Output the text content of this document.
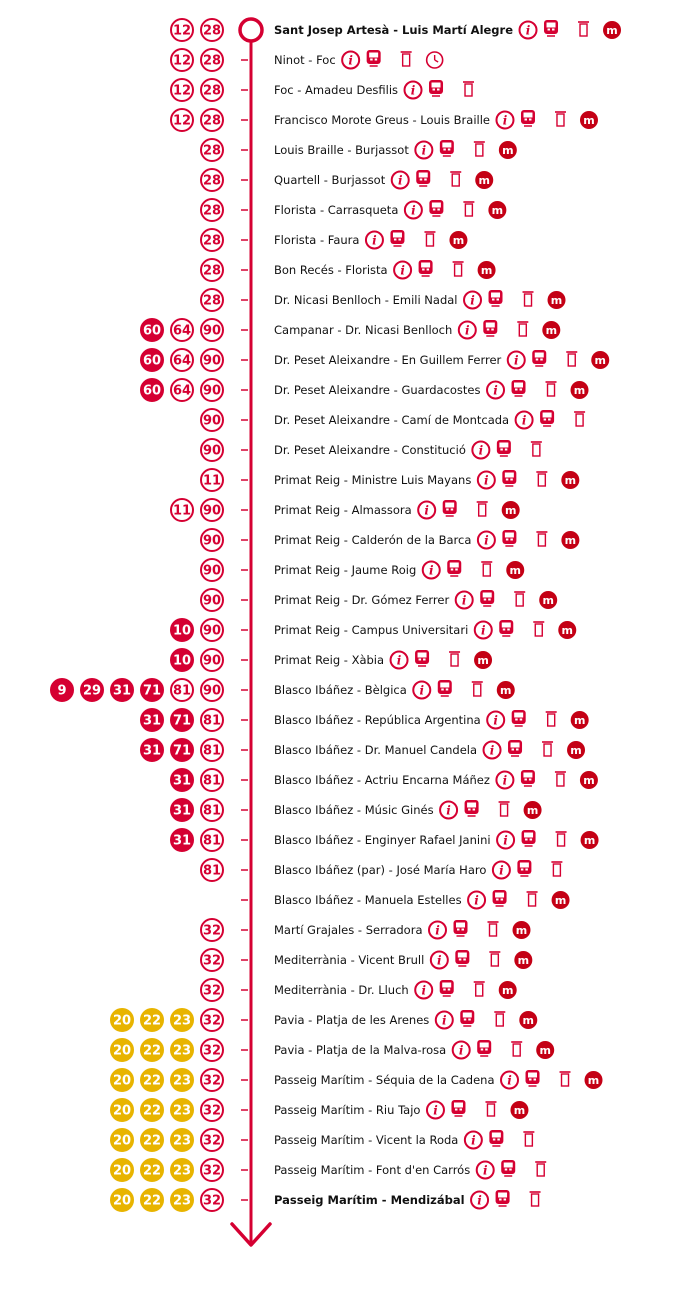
12 28	Sant Josep Artesà - Luis Martí Alegre i	m
12 28	Ninot - Foc i
12 28	Foc - Amadeu Desfilis i
12 28	Francisco Morote Greus - Louis Braille i	m
28	Louis Braille - Burjassot i	m
28	Quartell - Burjassot i	m
28	Florista - Carrasqueta i	m
28	Florista - Faura i	m
28	Bon Recés - Florista i	m
28	Dr. Nicasi Benlloch - Emili Nadal i	m
60 64 90	Campanar - Dr. Nicasi Benlloch i	m
60 64 90	Dr. Peset Aleixandre - En Guillem Ferrer i	m
60 64 90	Dr. Peset Aleixandre - Guardacostes i	m
90	Dr. Peset Aleixandre - Camí de Montcada i
90	Dr. Peset Aleixandre - Constitució i
11	Primat Reig - Ministre Luis Mayans i	m
11 90	Primat Reig - Almassora i	m
90	Primat Reig - Calderón de la Barca i	m
90	Primat Reig - Jaume Roig i	m
90	Primat Reig - Dr. Gómez Ferrer i	m
10 90	Primat Reig - Campus Universitari i	m
10 90	Primat Reig - Xàbia i	m
9 29 31 71 81 90	Blasco Ibáñez - Bèlgica i	m
31 71 81	Blasco Ibáñez - República Argentina i	m
31 71 81	Blasco Ibáñez - Dr. Manuel Candela i	m
31 81	Blasco Ibáñez - Actriu Encarna Máñez i	m
31 81	Blasco Ibáñez - Músic Ginés i	m
31 81	Blasco Ibáñez - Enginyer Rafael Janini i	m
81	Blasco Ibáñez (par) - José María Haro i
Blasco Ibáñez - Manuela Estelles i	m
32	Martí Grajales - Serradora i	m
32	Mediterrània - Vicent Brull i	m
32	Mediterrània - Dr. Lluch i	m
20 22 23 32	Pavia - Platja de les Arenes i	m
20 22 23 32	Pavia - Platja de la Malva-rosa i	m
20 22 23 32	Passeig Marítim - Séquia de la Cadena i	m
20 22 23 32	Passeig Marítim - Riu Tajo i	m
20 22 23 32	Passeig Marítim - Vicent la Roda i
20 22 23 32	Passeig Marítim - Font d'en Carrós i
20 22 23 32	Passeig Marítim - Mendizábal i
